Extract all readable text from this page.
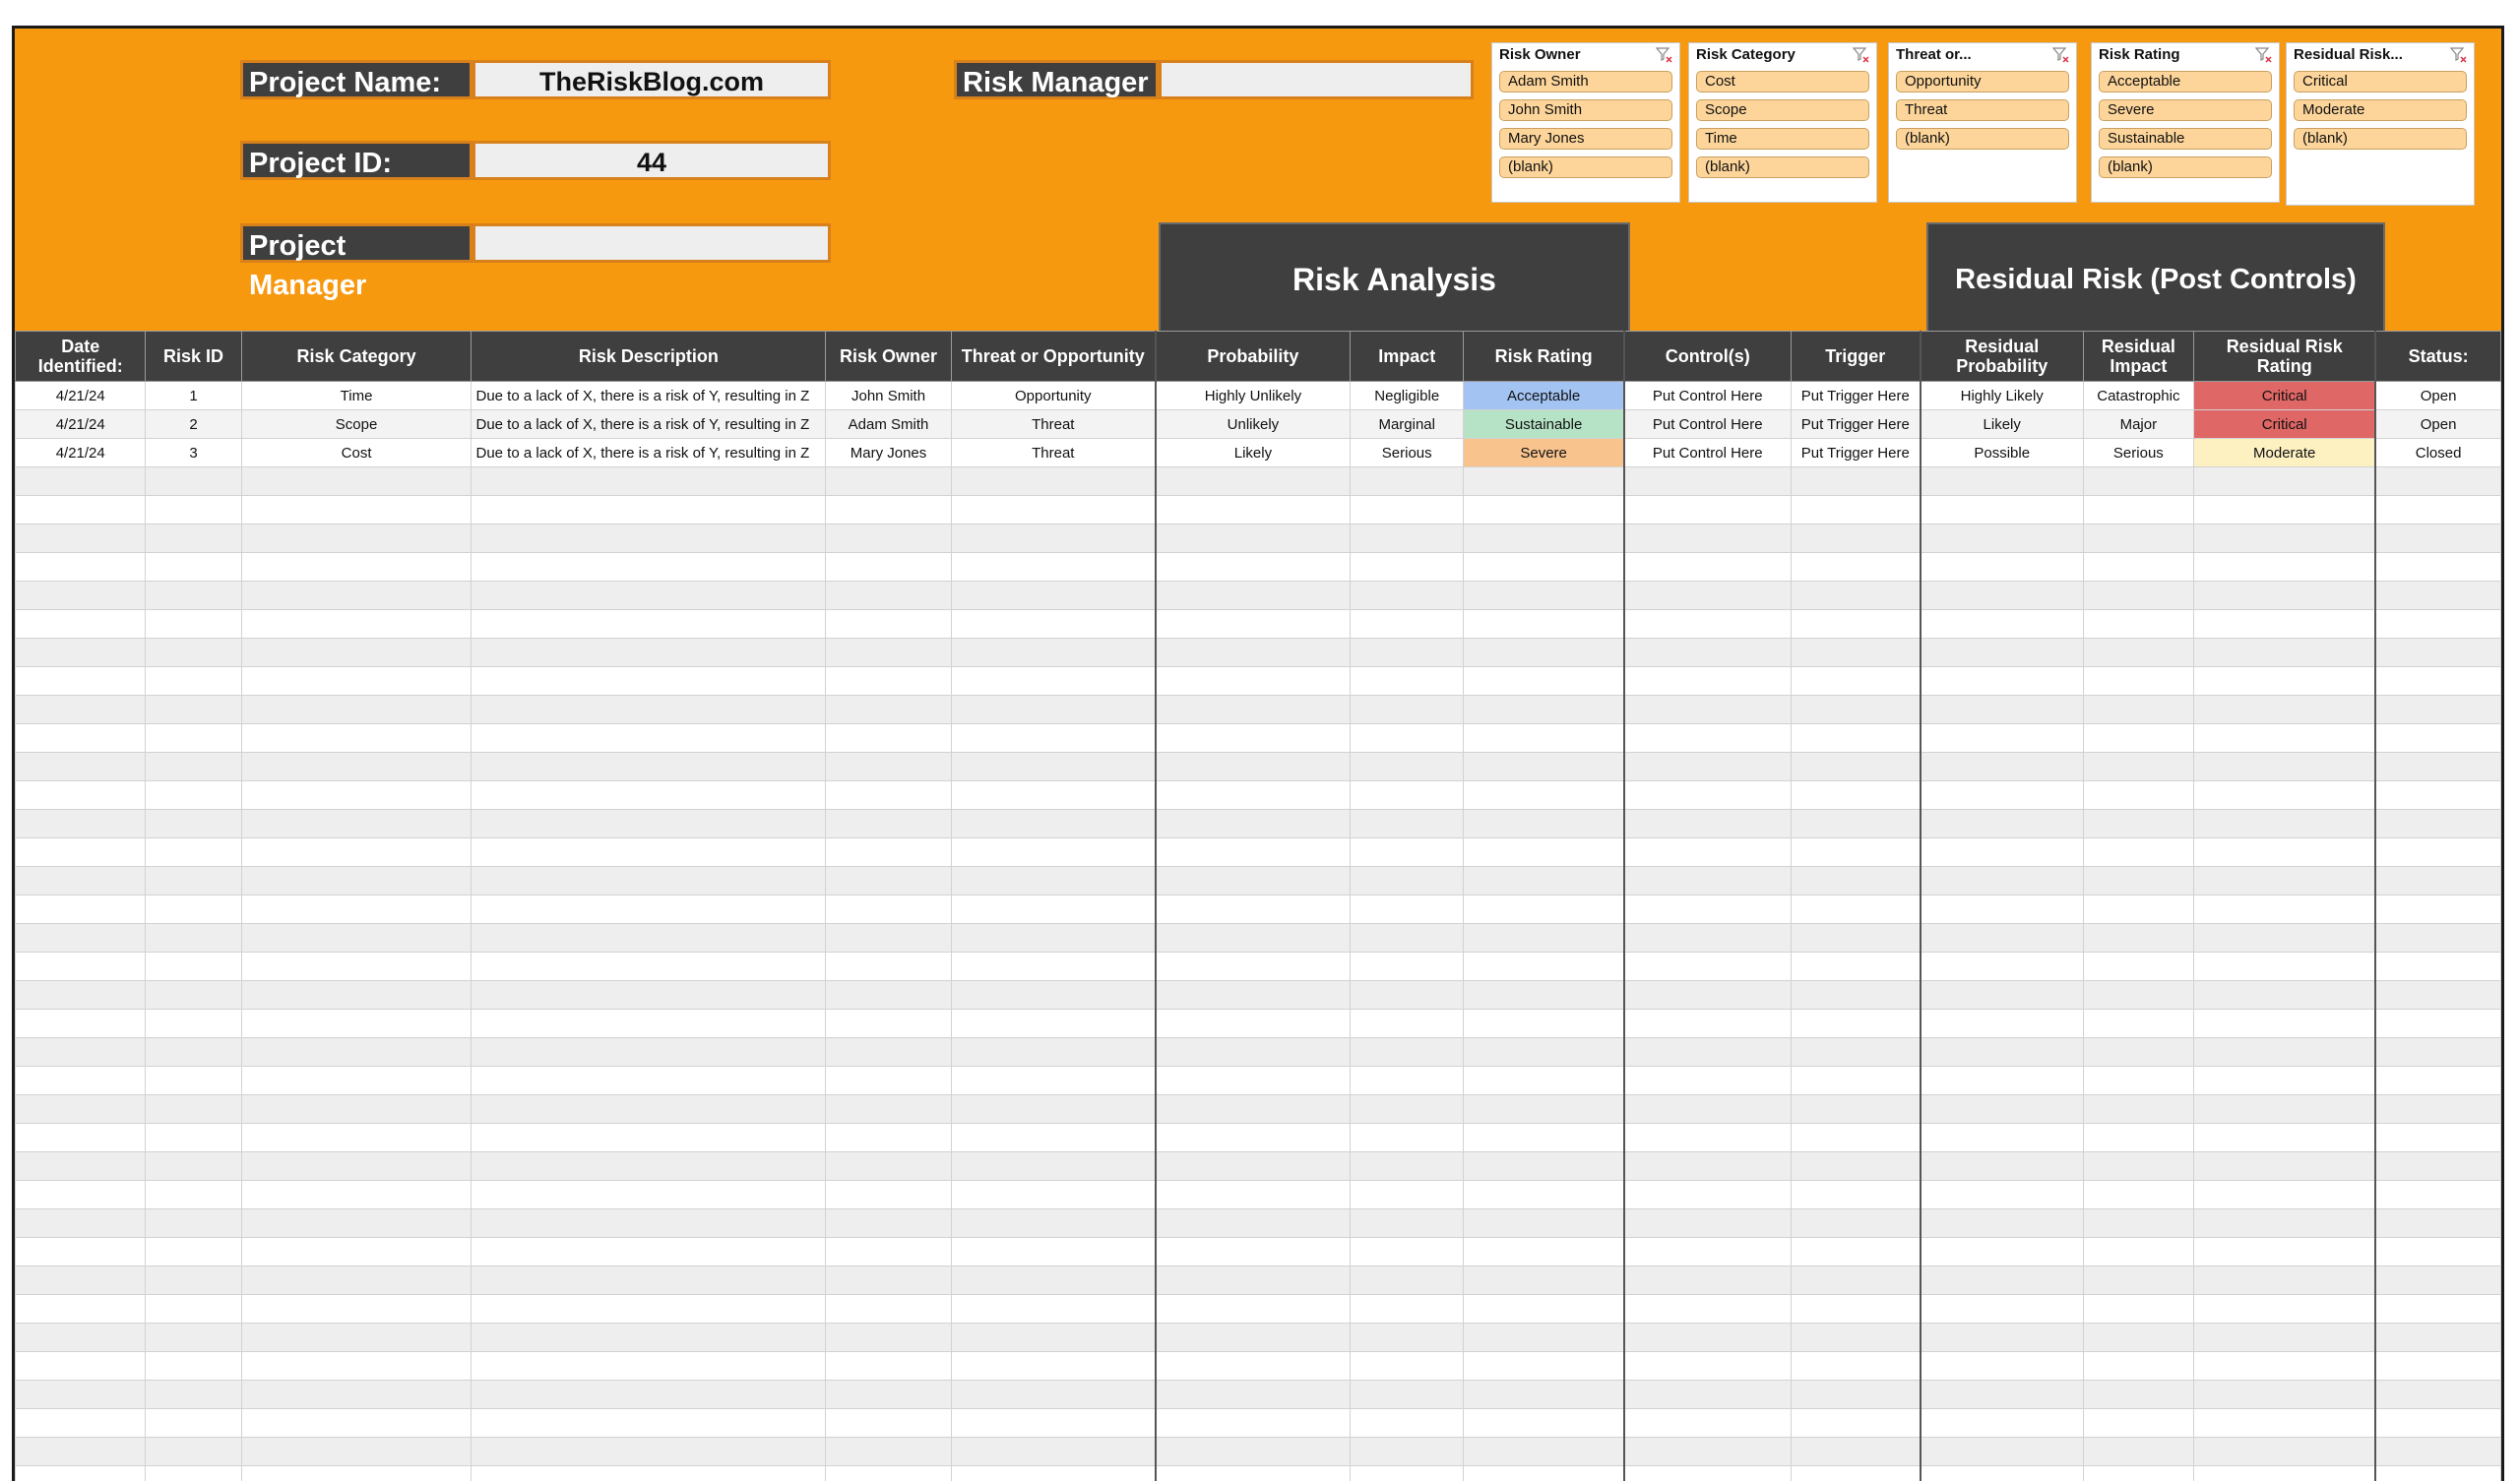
Project Name:	TheRiskBlog.com
Project ID:	44
Project Manager
Risk Manager
Risk Owner
Adam Smith
John Smith
Mary Jones
(blank)
Risk Category
Cost
Scope
Time
(blank)
Threat or...
Opportunity
Threat
(blank)
Risk Rating
Acceptable
Severe
Sustainable
(blank)
Residual Risk...
Critical
Moderate
(blank)
Risk Analysis	Residual Risk (Post Controls)
Date Identified:	Risk ID	Risk Category	Risk Description	Risk Owner	Threat or Opportunity	Probability	Impact	Risk Rating	Control(s)	Trigger	Residual Probability	Residual Impact	Residual Risk Rating	Status:
4/21/24	1	Time	Due to a lack of X, there is a risk of Y, resulting in Z	John Smith	Opportunity	Highly Unlikely	Negligible	Acceptable	Put Control Here	Put Trigger Here	Highly Likely	Catastrophic	Critical	Open
4/21/24	2	Scope	Due to a lack of X, there is a risk of Y, resulting in Z	Adam Smith	Threat	Unlikely	Marginal	Sustainable	Put Control Here	Put Trigger Here	Likely	Major	Critical	Open
4/21/24	3	Cost	Due to a lack of X, there is a risk of Y, resulting in Z	Mary Jones	Threat	Likely	Serious	Severe	Put Control Here	Put Trigger Here	Possible	Serious	Moderate	Closed
